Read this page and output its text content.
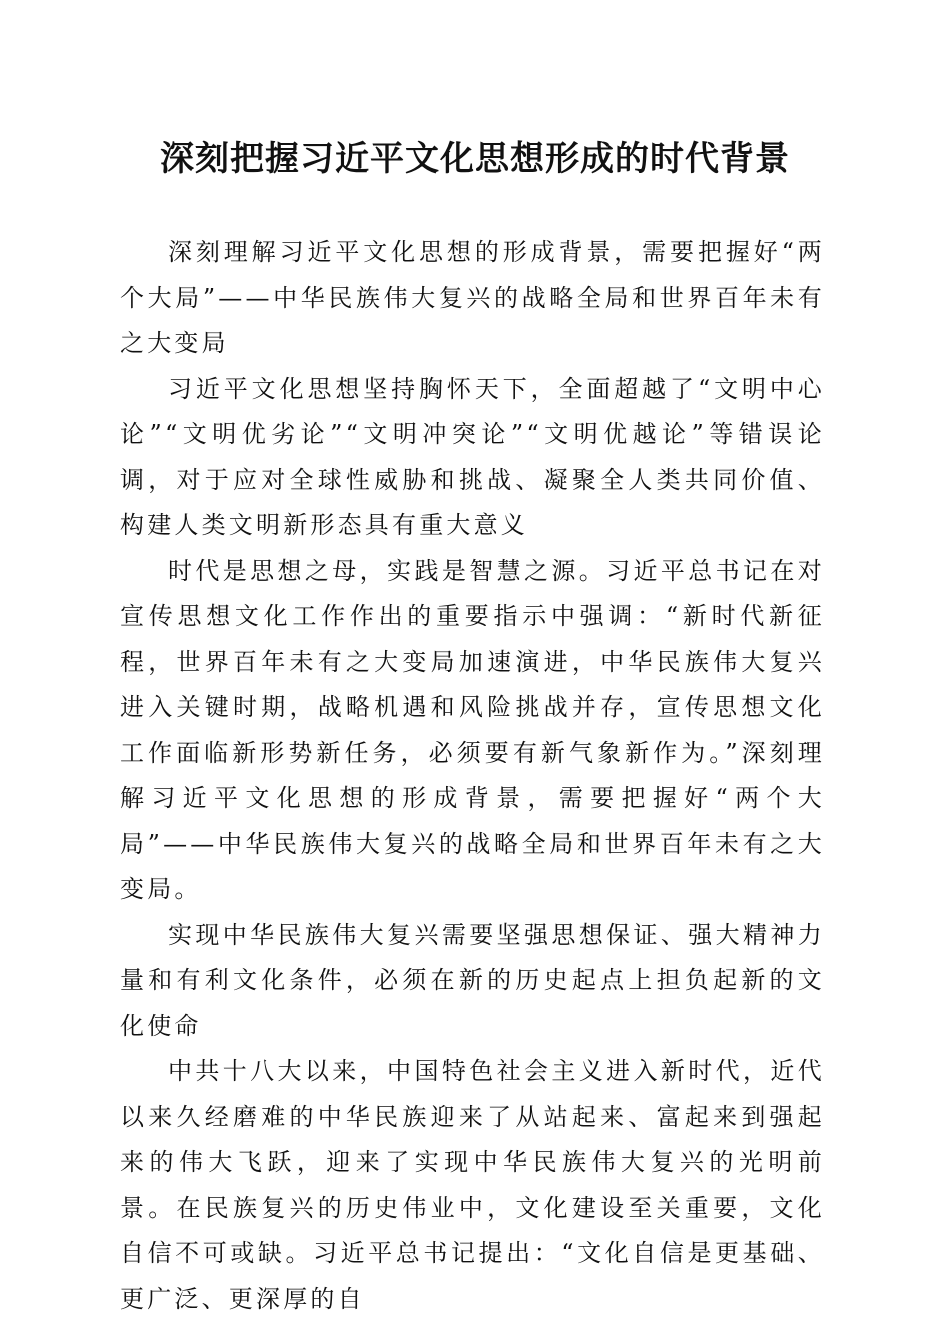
深刻把握习近平文化思想形成的时代背景

深刻理解习近平文化思想的形成背景，需要把握好“两个大局”——中华民族伟大复兴的战略全局和世界百年未有之大变局

习近平文化思想坚持胸怀天下，全面超越了“文明中心论”“文明优劣论”“文明冲突论”“文明优越论”等错误论调，对于应对全球性威胁和挑战、凝聚全人类共同价值、构建人类文明新形态具有重大意义

时代是思想之母，实践是智慧之源。习近平总书记在对宣传思想文化工作作出的重要指示中强调：“新时代新征程，世界百年未有之大变局加速演进，中华民族伟大复兴进入关键时期，战略机遇和风险挑战并存，宣传思想文化工作面临新形势新任务，必须要有新气象新作为。”深刻理解习近平文化思想的形成背景，需要把握好“两个大局”——中华民族伟大复兴的战略全局和世界百年未有之大变局。

实现中华民族伟大复兴需要坚强思想保证、强大精神力量和有利文化条件，必须在新的历史起点上担负起新的文化使命

中共十八大以来，中国特色社会主义进入新时代，近代以来久经磨难的中华民族迎来了从站起来、富起来到强起来的伟大飞跃，迎来了实现中华民族伟大复兴的光明前景。在民族复兴的历史伟业中，文化建设至关重要，文化自信不可或缺。习近平总书记提出：“文化自信是更基础、更广泛、更深厚的自
